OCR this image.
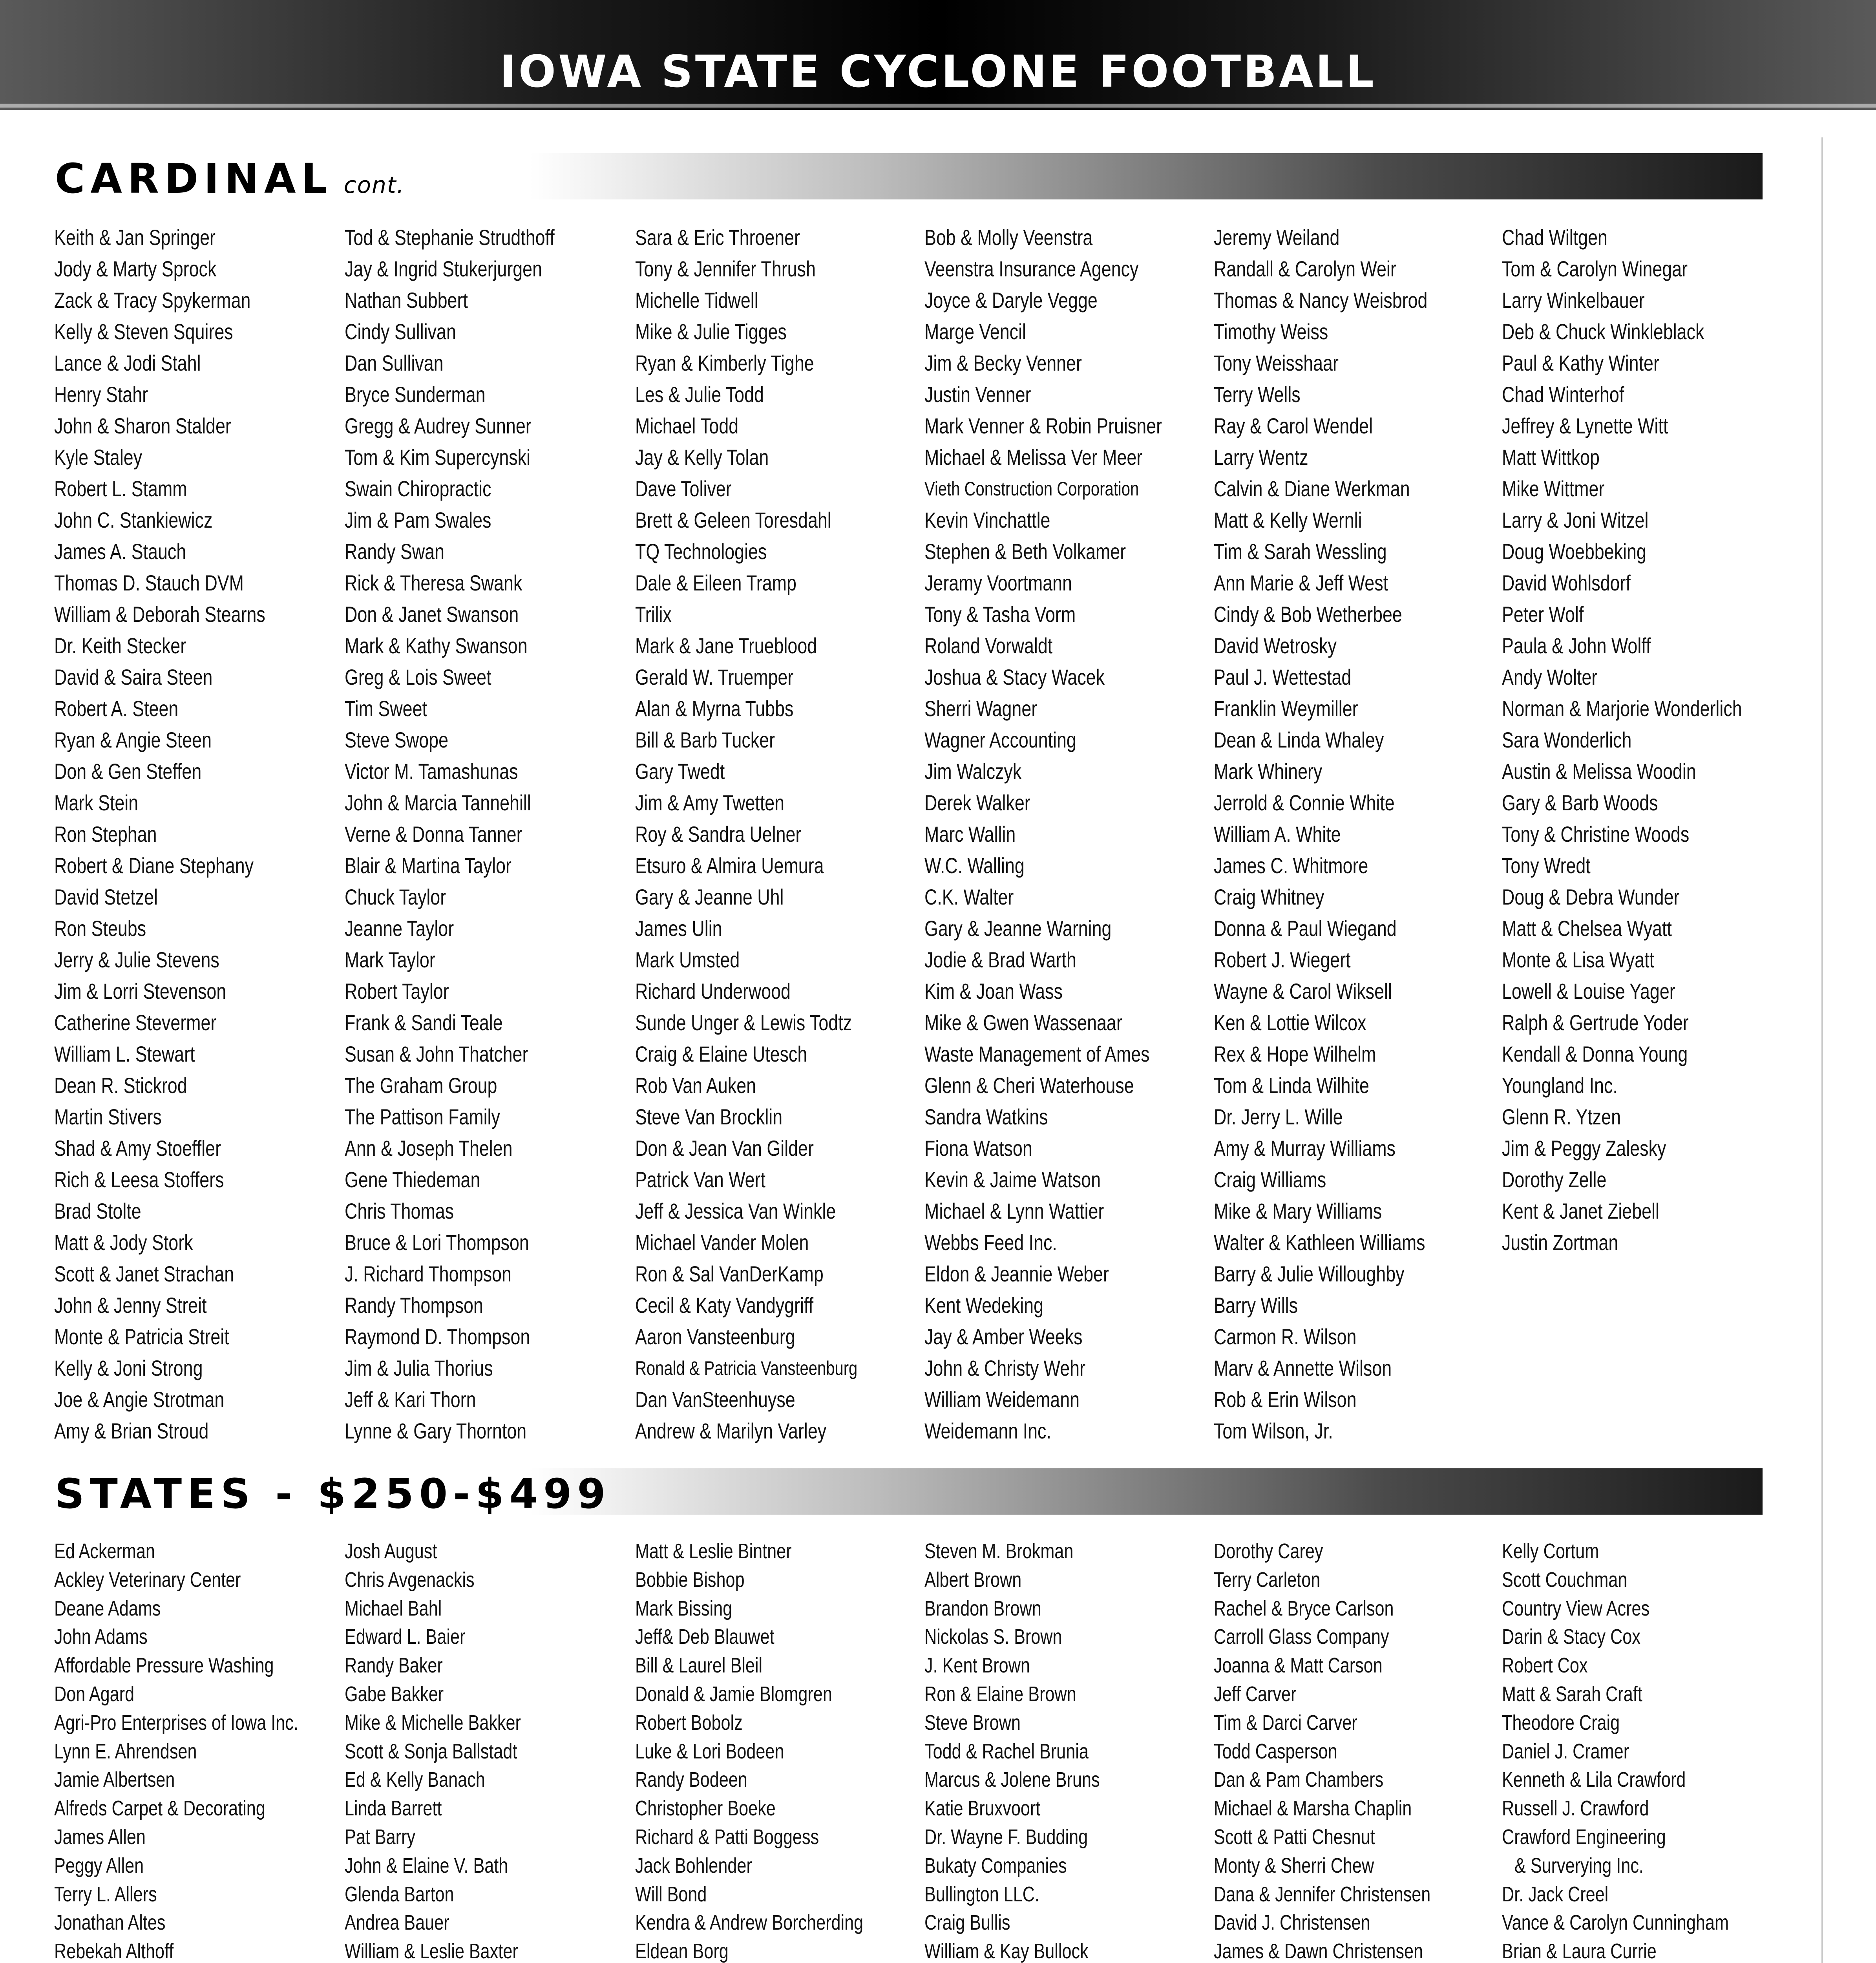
IOWA STATE CYCLONE FOOTBALL
CARDINAL cont.
Keith & Jan Springer
Jody & Marty Sprock
Zack & Tracy Spykerman
Kelly & Steven Squires
Lance & Jodi Stahl
Henry Stahr
John & Sharon Stalder
Kyle Staley
Robert L. Stamm
John C. Stankiewicz
James A. Stauch
Thomas D. Stauch DVM
William & Deborah Stearns
Dr. Keith Stecker
David & Saira Steen
Robert A. Steen
Ryan & Angie Steen
Don & Gen Steffen
Mark Stein
Ron Stephan
Robert & Diane Stephany
David Stetzel
Ron Steubs
Jerry & Julie Stevens
Jim & Lorri Stevenson
Catherine Stevermer
William L. Stewart
Dean R. Stickrod
Martin Stivers
Shad & Amy Stoeffler
Rich & Leesa Stoffers
Brad Stolte
Matt & Jody Stork
Scott & Janet Strachan
John & Jenny Streit
Monte & Patricia Streit
Kelly & Joni Strong
Joe & Angie Strotman
Amy & Brian Stroud
Tod & Stephanie Strudthoff
Jay & Ingrid Stukerjurgen
Nathan Subbert
Cindy Sullivan
Dan Sullivan
Bryce Sunderman
Gregg & Audrey Sunner
Tom & Kim Supercynski
Swain Chiropractic
Jim & Pam Swales
Randy Swan
Rick & Theresa Swank
Don & Janet Swanson
Mark & Kathy Swanson
Greg & Lois Sweet
Tim Sweet
Steve Swope
Victor M. Tamashunas
John & Marcia Tannehill
Verne & Donna Tanner
Blair & Martina Taylor
Chuck Taylor
Jeanne Taylor
Mark Taylor
Robert Taylor
Frank & Sandi Teale
Susan & John Thatcher
The Graham Group
The Pattison Family
Ann & Joseph Thelen
Gene Thiedeman
Chris Thomas
Bruce & Lori Thompson
J. Richard Thompson
Randy Thompson
Raymond D. Thompson
Jim & Julia Thorius
Jeff & Kari Thorn
Lynne & Gary Thornton
Sara & Eric Throener
Tony & Jennifer Thrush
Michelle Tidwell
Mike & Julie Tigges
Ryan & Kimberly Tighe
Les & Julie Todd
Michael Todd
Jay & Kelly Tolan
Dave Toliver
Brett & Geleen Toresdahl
TQ Technologies
Dale & Eileen Tramp
Trilix
Mark & Jane Trueblood
Gerald W. Truemper
Alan & Myrna Tubbs
Bill & Barb Tucker
Gary Twedt
Jim & Amy Twetten
Roy & Sandra Uelner
Etsuro & Almira Uemura
Gary & Jeanne Uhl
James Ulin
Mark Umsted
Richard Underwood
Sunde Unger & Lewis Todtz
Craig & Elaine Utesch
Rob Van Auken
Steve Van Brocklin
Don & Jean Van Gilder
Patrick Van Wert
Jeff & Jessica Van Winkle
Michael Vander Molen
Ron & Sal VanDerKamp
Cecil & Katy Vandygriff
Aaron Vansteenburg
Ronald & Patricia Vansteenburg
Dan VanSteenhuyse
Andrew & Marilyn Varley
Bob & Molly Veenstra
Veenstra Insurance Agency
Joyce & Daryle Vegge
Marge Vencil
Jim & Becky Venner
Justin Venner
Mark Venner & Robin Pruisner
Michael & Melissa Ver Meer
Vieth Construction Corporation
Kevin Vinchattle
Stephen & Beth Volkamer
Jeramy Voortmann
Tony & Tasha Vorm
Roland Vorwaldt
Joshua & Stacy Wacek
Sherri Wagner
Wagner Accounting
Jim Walczyk
Derek Walker
Marc Wallin
W.C. Walling
C.K. Walter
Gary & Jeanne Warning
Jodie & Brad Warth
Kim & Joan Wass
Mike & Gwen Wassenaar
Waste Management of Ames
Glenn & Cheri Waterhouse
Sandra Watkins
Fiona Watson
Kevin & Jaime Watson
Michael & Lynn Wattier
Webbs Feed Inc.
Eldon & Jeannie Weber
Kent Wedeking
Jay & Amber Weeks
John & Christy Wehr
William Weidemann
Weidemann Inc.
Jeremy Weiland
Randall & Carolyn Weir
Thomas & Nancy Weisbrod
Timothy Weiss
Tony Weisshaar
Terry Wells
Ray & Carol Wendel
Larry Wentz
Calvin & Diane Werkman
Matt & Kelly Wernli
Tim & Sarah Wessling
Ann Marie & Jeff West
Cindy & Bob Wetherbee
David Wetrosky
Paul J. Wettestad
Franklin Weymiller
Dean & Linda Whaley
Mark Whinery
Jerrold & Connie White
William A. White
James C. Whitmore
Craig Whitney
Donna & Paul Wiegand
Robert J. Wiegert
Wayne & Carol Wiksell
Ken & Lottie Wilcox
Rex & Hope Wilhelm
Tom & Linda Wilhite
Dr. Jerry L. Wille
Amy & Murray Williams
Craig Williams
Mike & Mary Williams
Walter & Kathleen Williams
Barry & Julie Willoughby
Barry Wills
Carmon R. Wilson
Marv & Annette Wilson
Rob & Erin Wilson
Tom Wilson, Jr.
Chad Wiltgen
Tom & Carolyn Winegar
Larry Winkelbauer
Deb & Chuck Winkleblack
Paul & Kathy Winter
Chad Winterhof
Jeffrey & Lynette Witt
Matt Wittkop
Mike Wittmer
Larry & Joni Witzel
Doug Woebbeking
David Wohlsdorf
Peter Wolf
Paula & John Wolff
Andy Wolter
Norman & Marjorie Wonderlich
Sara Wonderlich
Austin & Melissa Woodin
Gary & Barb Woods
Tony & Christine Woods
Tony Wredt
Doug & Debra Wunder
Matt & Chelsea Wyatt
Monte & Lisa Wyatt
Lowell & Louise Yager
Ralph & Gertrude Yoder
Kendall & Donna Young
Youngland Inc.
Glenn R. Ytzen
Jim & Peggy Zalesky
Dorothy Zelle
Kent & Janet Ziebell
Justin Zortman
STATES - $250-$499
Ed Ackerman
Ackley Veterinary Center
Deane Adams
John Adams
Affordable Pressure Washing
Don Agard
Agri-Pro Enterprises of Iowa Inc.
Lynn E. Ahrendsen
Jamie Albertsen
Alfreds Carpet & Decorating
James Allen
Peggy Allen
Terry L. Allers
Jonathan Altes
Rebekah Althoff
Josh August
Chris Avgenackis
Michael Bahl
Edward L. Baier
Randy Baker
Gabe Bakker
Mike & Michelle Bakker
Scott & Sonja Ballstadt
Ed & Kelly Banach
Linda Barrett
Pat Barry
John & Elaine V. Bath
Glenda Barton
Andrea Bauer
William & Leslie Baxter
Matt & Leslie Bintner
Bobbie Bishop
Mark Bissing
Jeff& Deb Blauwet
Bill & Laurel Bleil
Donald & Jamie Blomgren
Robert Bobolz
Luke & Lori Bodeen
Randy Bodeen
Christopher Boeke
Richard & Patti Boggess
Jack Bohlender
Will Bond
Kendra & Andrew Borcherding
Eldean Borg
Steven M. Brokman
Albert Brown
Brandon Brown
Nickolas S. Brown
J. Kent Brown
Ron & Elaine Brown
Steve Brown
Todd & Rachel Brunia
Marcus & Jolene Bruns
Katie Bruxvoort
Dr. Wayne F. Budding
Bukaty Companies
Bullington LLC.
Craig Bullis
William & Kay Bullock
Dorothy Carey
Terry Carleton
Rachel & Bryce Carlson
Carroll Glass Company
Joanna & Matt Carson
Jeff Carver
Tim & Darci Carver
Todd Casperson
Dan & Pam Chambers
Michael & Marsha Chaplin
Scott & Patti Chesnut
Monty & Sherri Chew
Dana & Jennifer Christensen
David J. Christensen
James & Dawn Christensen
Kelly Cortum
Scott Couchman
Country View Acres
Darin & Stacy Cox
Robert Cox
Matt & Sarah Craft
Theodore Craig
Daniel J. Cramer
Kenneth & Lila Crawford
Russell J. Crawford
Crawford Engineering
& Surverying Inc.
Dr. Jack Creel
Vance & Carolyn Cunningham
Brian & Laura Currie
